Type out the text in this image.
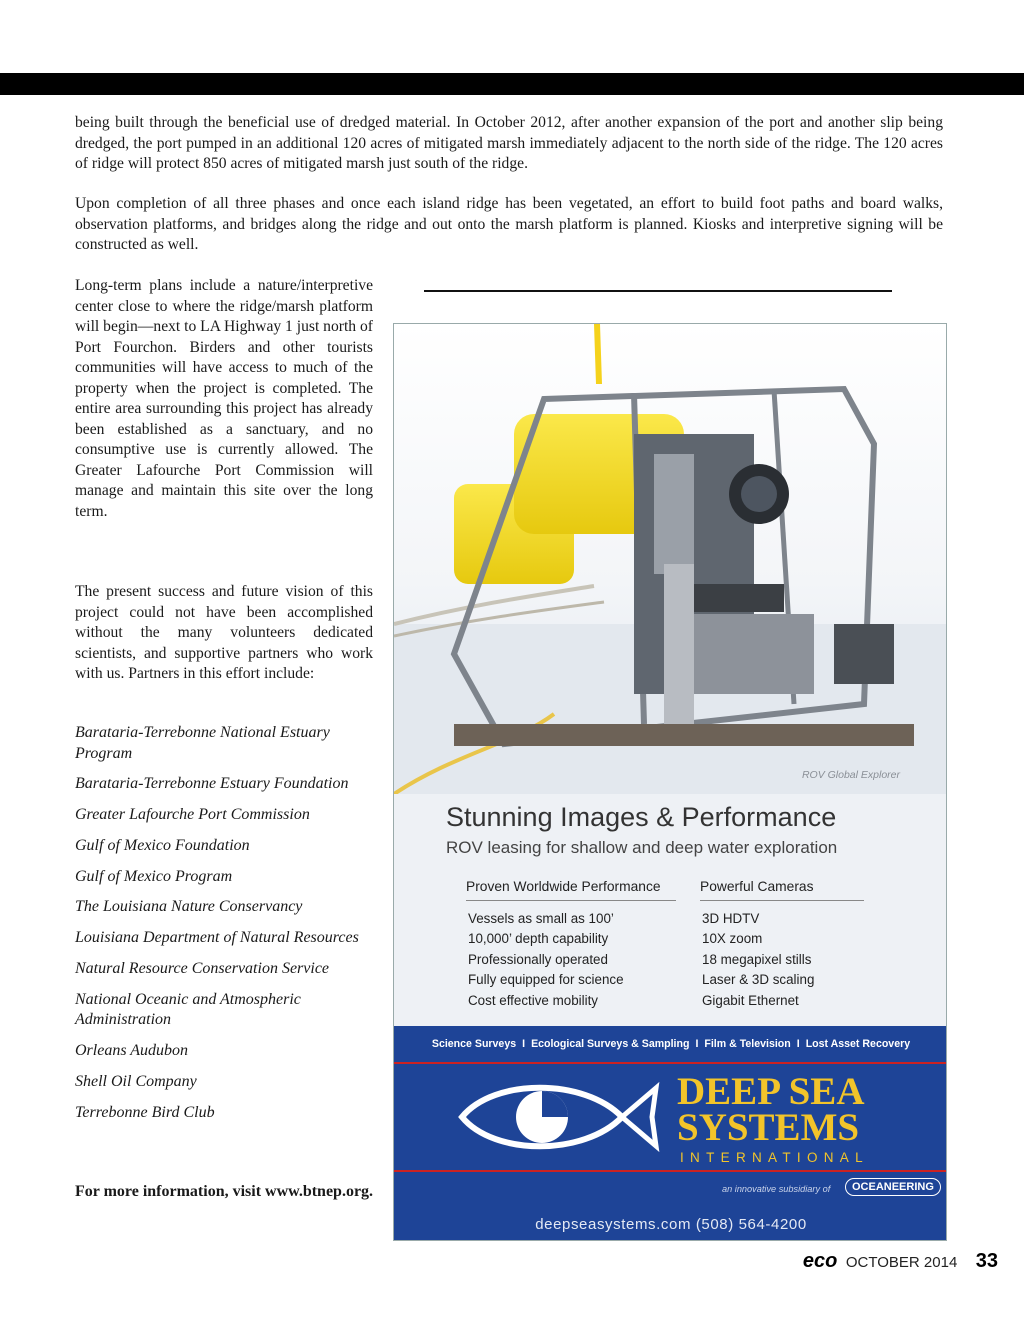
being built through the beneficial use of dredged material. In October 2012, after another expansion of the port and another slip being dredged, the port pumped in an additional 120 acres of mitigated marsh immediately adjacent to the north side of the ridge. The 120 acres of ridge will protect 850 acres of mitigated marsh just south of the ridge.

Upon completion of all three phases and once each island ridge has been vegetated, an effort to build foot paths and board walks, observation platforms, and bridges along the ridge and out onto the marsh platform is planned. Kiosks and interpretive signing will be constructed as well.

Long-term plans include a nature/interpretive center close to where the ridge/marsh platform will begin—next to LA Highway 1 just north of Port Fourchon. Birders and other tourists communities will have access to much of the property when the project is completed. The entire area surrounding this project has already been established as a sanctuary, and no consumptive use is currently allowed. The Greater Lafourche Port Commission will manage and maintain this site over the long term.

The present success and future vision of this project could not have been accomplished without the many volunteers dedicated scientists, and supportive partners who work with us. Partners in this effort include:

Barataria-Terrebonne National Estuary Program
Barataria-Terrebonne Estuary Foundation
Greater Lafourche Port Commission
Gulf of Mexico Foundation
Gulf of Mexico Program
The Louisiana Nature Conservancy
Louisiana Department of Natural Resources
Natural Resource Conservation Service
National Oceanic and Atmospheric Administration
Orleans Audubon
Shell Oil Company
Terrebonne Bird Club

For more information, visit www.btnep.org.

ROV Global Explorer

Stunning Images & Performance

ROV leasing for shallow and deep water exploration

Proven Worldwide Performance
Vessels as small as 100’
10,000’ depth capability
Professionally operated
Fully equipped for science
Cost effective mobility
Powerful Cameras
3D HDTV
10X zoom
18 megapixel stills
Laser & 3D scaling
Gigabit Ethernet
Science Surveys I Ecological Surveys & Sampling I Film & Television I Lost Asset Recovery

DEEP SEA

SYSTEMS

INTERNATIONAL

an innovative subsidiary of	OCEANEERING
deepseasystems.com (508) 564-4200
eco OCTOBER 2014 33
